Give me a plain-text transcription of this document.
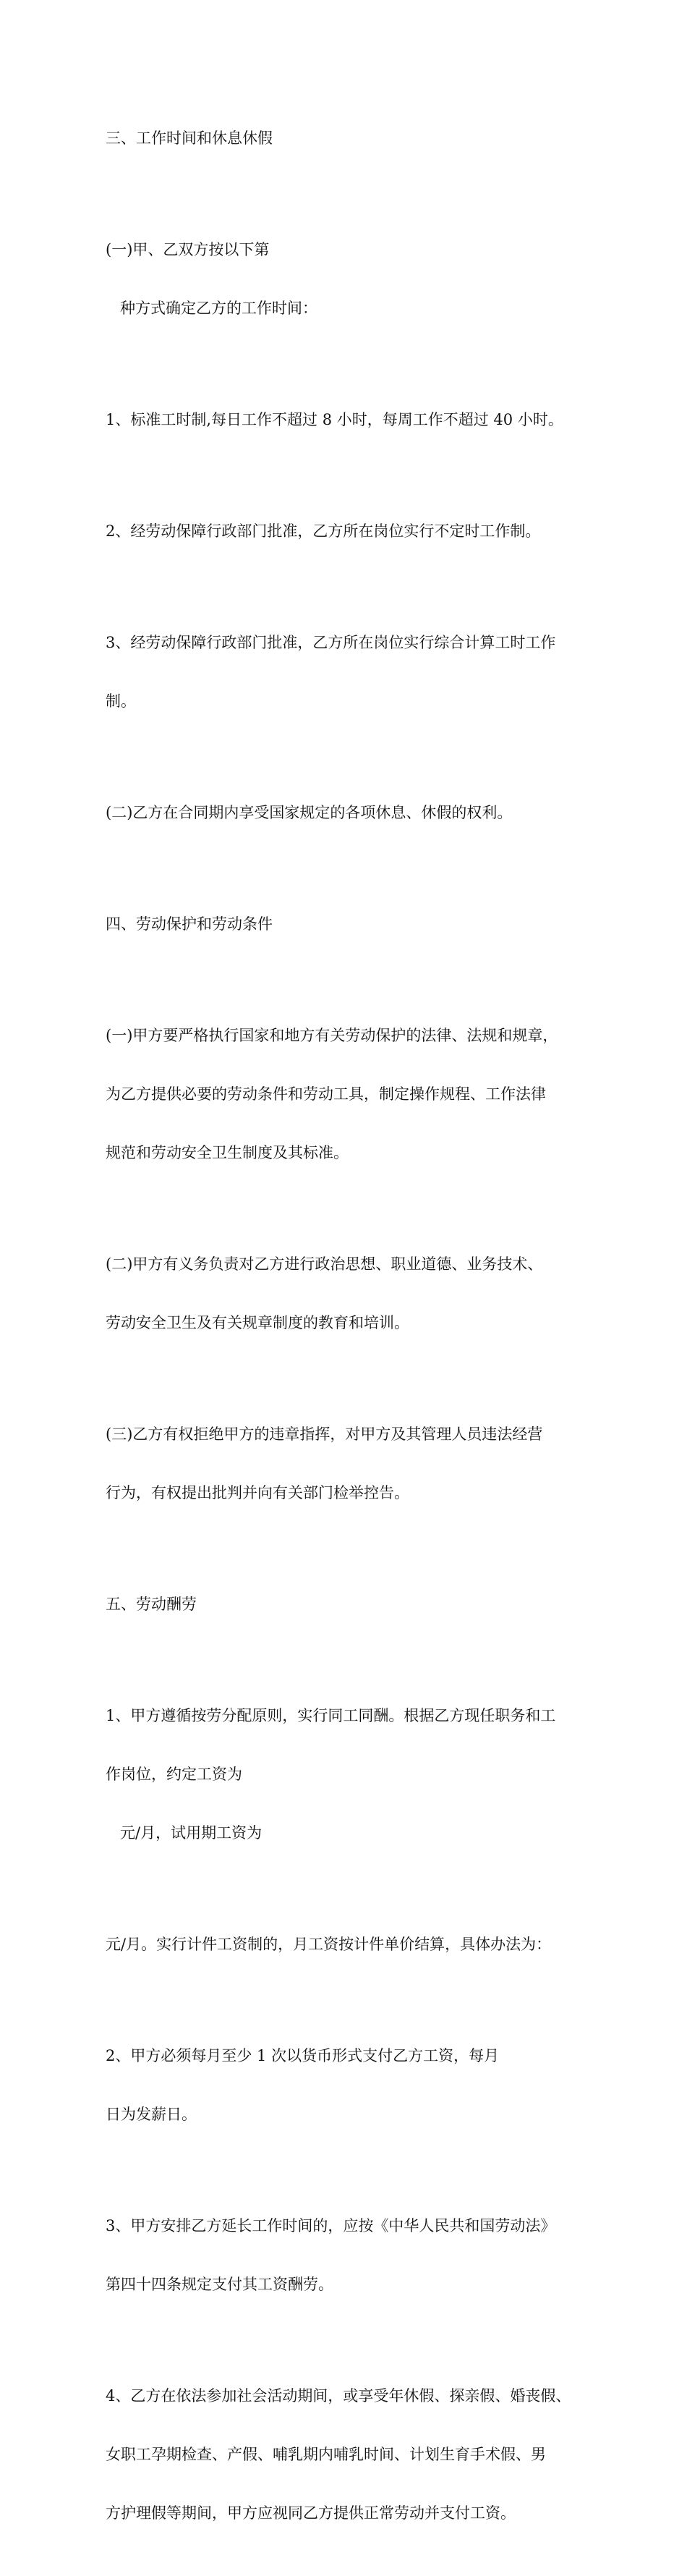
三、工作时间和休息休假

(一)甲、乙双方按以下第

种方式确定乙方的工作时间：

1、标准工时制,每日工作不超过 8 小时，每周工作不超过 40 小时。

2、经劳动保障行政部门批准，乙方所在岗位实行不定时工作制。

3、经劳动保障行政部门批准，乙方所在岗位实行综合计算工时工作

制。

(二)乙方在合同期内享受国家规定的各项休息、休假的权利。

四、劳动保护和劳动条件

(一)甲方要严格执行国家和地方有关劳动保护的法律、法规和规章，

为乙方提供必要的劳动条件和劳动工具，制定操作规程、工作法律

规范和劳动安全卫生制度及其标准。

(二)甲方有义务负责对乙方进行政治思想、职业道德、业务技术、

劳动安全卫生及有关规章制度的教育和培训。

(三)乙方有权拒绝甲方的违章指挥，对甲方及其管理人员违法经营

行为，有权提出批判并向有关部门检举控告。

五、劳动酬劳

1、甲方遵循按劳分配原则，实行同工同酬。根据乙方现任职务和工

作岗位，约定工资为

元/月，试用期工资为

元/月。实行计件工资制的，月工资按计件单价结算，具体办法为：

2、甲方必须每月至少 1 次以货币形式支付乙方工资，每月

日为发薪日。

3、甲方安排乙方延长工作时间的，应按《中华人民共和国劳动法》

第四十四条规定支付其工资酬劳。

4、乙方在依法参加社会活动期间，或享受年休假、探亲假、婚丧假、

女职工孕期检查、产假、哺乳期内哺乳时间、计划生育手术假、男

方护理假等期间，甲方应视同乙方提供正常劳动并支付工资。
